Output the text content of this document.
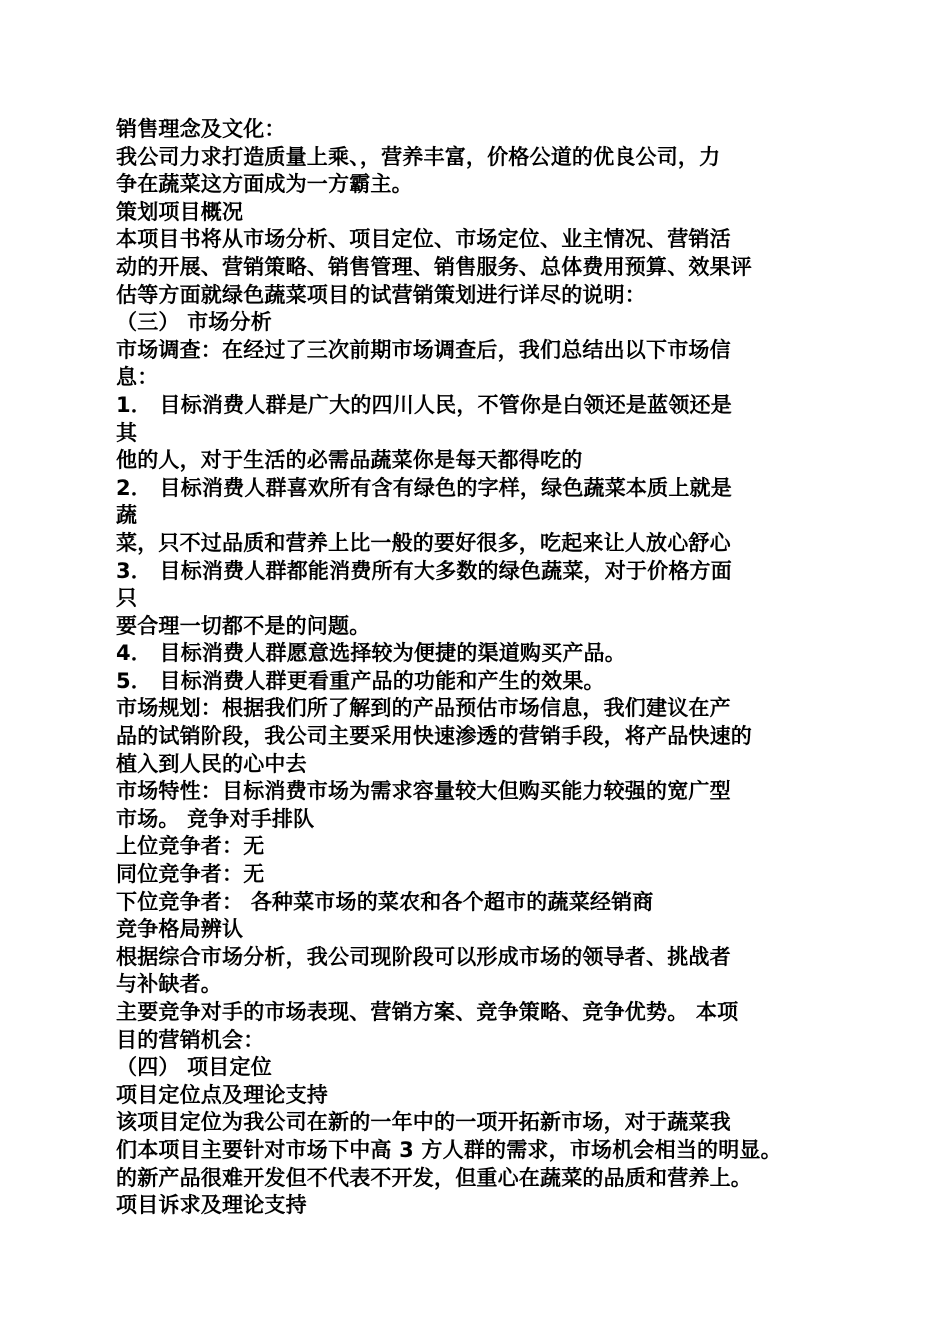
销售理念及文化：
我公司力求打造质量上乘、，营养丰富，价格公道的优良公司，力
争在蔬菜这方面成为一方霸主。
策划项目概况
本项目书将从市场分析、项目定位、市场定位、业主情况、营销活
动的开展、营销策略、销售管理、销售服务、总体费用预算、效果评
估等方面就绿色蔬菜项目的试营销策划进行详尽的说明：
（三） 市场分析
市场调查：在经过了三次前期市场调查后，我们总结出以下市场信
息：
1． 目标消费人群是广大的四川人民，不管你是白领还是蓝领还是
其
他的人，对于生活的必需品蔬菜你是每天都得吃的
2． 目标消费人群喜欢所有含有绿色的字样，绿色蔬菜本质上就是
蔬
菜，只不过品质和营养上比一般的要好很多，吃起来让人放心舒心
3． 目标消费人群都能消费所有大多数的绿色蔬菜，对于价格方面
只
要合理一切都不是的问题。
4． 目标消费人群愿意选择较为便捷的渠道购买产品。
5． 目标消费人群更看重产品的功能和产生的效果。
市场规划：根据我们所了解到的产品预估市场信息，我们建议在产
品的试销阶段，我公司主要采用快速渗透的营销手段，将产品快速的
植入到人民的心中去
市场特性：目标消费市场为需求容量较大但购买能力较强的宽广型
市场。 竞争对手排队
上位竞争者：无
同位竞争者：无
下位竞争者： 各种菜市场的菜农和各个超市的蔬菜经销商
竞争格局辨认
根据综合市场分析，我公司现阶段可以形成市场的领导者、挑战者
与补缺者。
主要竞争对手的市场表现、营销方案、竞争策略、竞争优势。 本项
目的营销机会：
（四） 项目定位
项目定位点及理论支持
该项目定位为我公司在新的一年中的一项开拓新市场，对于蔬菜我
们本项目主要针对市场下中高 3 方人群的需求，市场机会相当的明显。
的新产品很难开发但不代表不开发，但重心在蔬菜的品质和营养上。
项目诉求及理论支持
